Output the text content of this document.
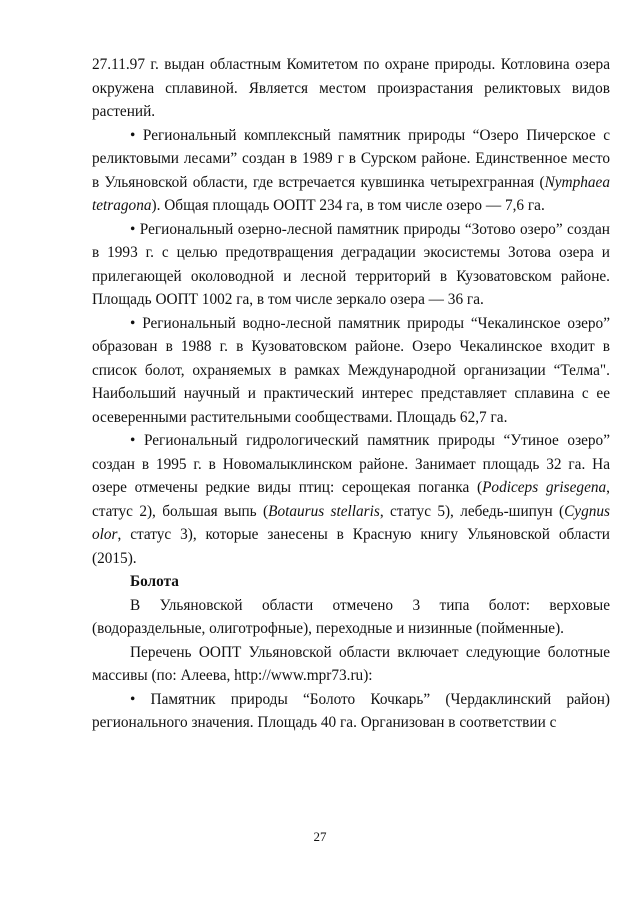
27.11.97 г. выдан областным Комитетом по охране природы. Котловина озера окружена сплавиной. Является местом произрастания реликтовых видов растений.

• Региональный комплексный памятник природы “Озеро Пичерское с реликтовыми лесами” создан в 1989 г в Сурском районе. Единственное место в Ульяновской области, где встречается кувшинка четырехгранная (Nymphaea tetragona). Общая площадь ООПТ 234 га, в том числе озеро — 7,6 га.

• Региональный озерно-лесной памятник природы “Зотово озеро” создан в 1993 г. с целью предотвращения деградации экосистемы Зотова озера и прилегающей околоводной и лесной территорий в Кузоватовском районе. Площадь ООПТ 1002 га, в том числе зеркало озера — 36 га.

• Региональный водно-лесной памятник природы “Чекалинское озеро” образован в 1988 г. в Кузоватовском районе. Озеро Чекалинское входит в список болот, охраняемых в рамках Международной организации “Телма". Наибольший научный и практический интерес представляет сплавина с ее осеверенными растительными сообществами. Площадь 62,7 га.

• Региональный гидрологический памятник природы “Утиное озеро” создан в 1995 г. в Новомалыклинском районе. Занимает площадь 32 га. На озере отмечены редкие виды птиц: серощекая поганка (Podiceps grisegena, статус 2), большая выпь (Botaurus stellaris, статус 5), лебедь-шипун (Cygnus olor, статус 3), которые занесены в Красную книгу Ульяновской области (2015).

Болота

В Ульяновской области отмечено 3 типа болот: верховые (водораздельные, олиготрофные), переходные и низинные (пойменные).

Перечень ООПТ Ульяновской области включает следующие болотные массивы (по: Алеева, http://www.mpr73.ru):

• Памятник природы “Болото Кочкарь” (Чердаклинский район) регионального значения. Площадь 40 га. Организован в соответствии с

27
